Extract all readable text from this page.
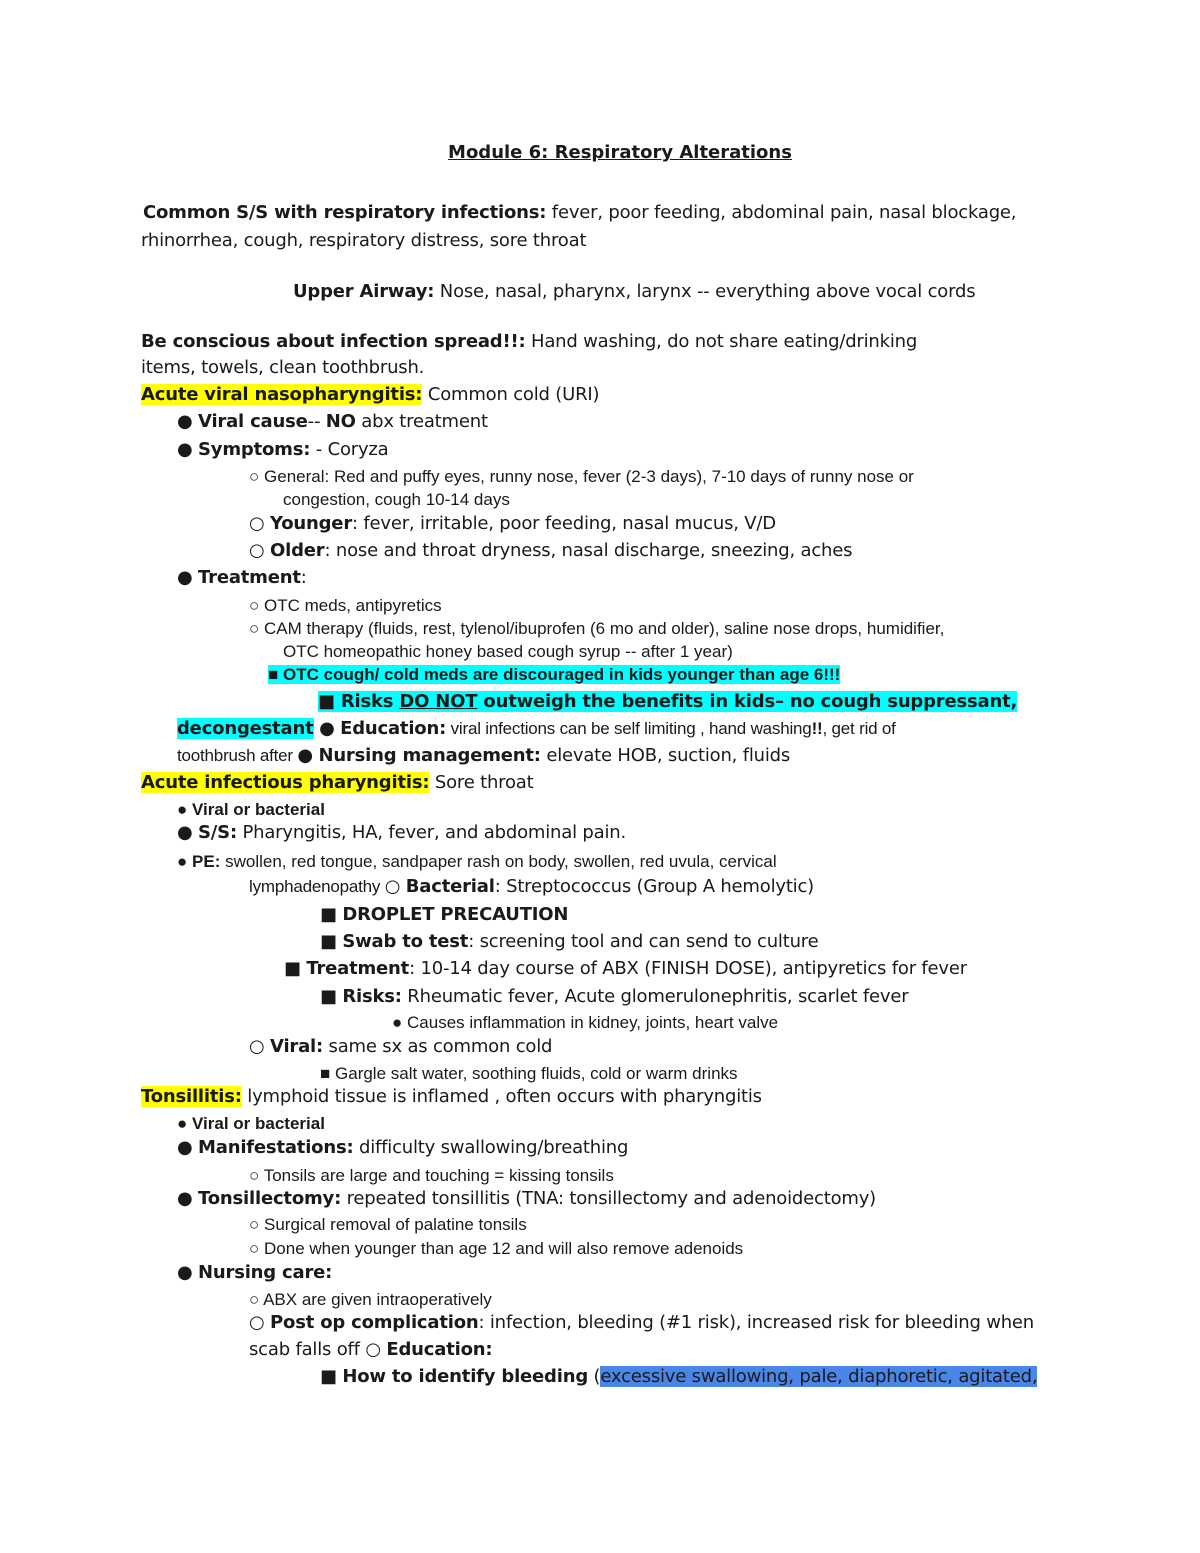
Module 6: Respiratory Alterations
Common S/S with respiratory infections: fever, poor feeding, abdominal pain, nasal blockage,
rhinorrhea, cough, respiratory distress, sore throat
Upper Airway: Nose, nasal, pharynx, larynx -- everything above vocal cords
Be conscious about infection spread!!: Hand washing, do not share eating/drinking
items, towels, clean toothbrush.
Acute viral nasopharyngitis: Common cold (URI)
● Viral cause-- NO abx treatment
● Symptoms: - Coryza
○ General: Red and puffy eyes, runny nose, fever (2-3 days), 7-10 days of runny nose or
congestion, cough 10-14 days
○ Younger: fever, irritable, poor feeding, nasal mucus, V/D
○ Older: nose and throat dryness, nasal discharge, sneezing, aches
● Treatment:
○ OTC meds, antipyretics
○ CAM therapy (fluids, rest, tylenol/ibuprofen (6 mo and older), saline nose drops, humidifier,
OTC homeopathic honey based cough syrup -- after 1 year)
■ OTC cough/ cold meds are discouraged in kids younger than age 6!!!
■ Risks DO NOT outweigh the benefits in kids– no cough suppressant,
decongestant ● Education: viral infections can be self limiting , hand washing!!, get rid of
toothbrush after ● Nursing management: elevate HOB, suction, fluids
Acute infectious pharyngitis: Sore throat
● Viral or bacterial
● S/S: Pharyngitis, HA, fever, and abdominal pain.
● PE: swollen, red tongue, sandpaper rash on body, swollen, red uvula, cervical
lymphadenopathy ○ Bacterial: Streptococcus (Group A hemolytic)
■ DROPLET PRECAUTION
■ Swab to test: screening tool and can send to culture
■ Treatment: 10-14 day course of ABX (FINISH DOSE), antipyretics for fever
■ Risks: Rheumatic fever, Acute glomerulonephritis, scarlet fever
● Causes inflammation in kidney, joints, heart valve
○ Viral: same sx as common cold
■ Gargle salt water, soothing fluids, cold or warm drinks
Tonsillitis: lymphoid tissue is inflamed , often occurs with pharyngitis
● Viral or bacterial
● Manifestations: difficulty swallowing/breathing
○ Tonsils are large and touching = kissing tonsils
● Tonsillectomy: repeated tonsillitis (TNA: tonsillectomy and adenoidectomy)
○ Surgical removal of palatine tonsils
○ Done when younger than age 12 and will also remove adenoids
● Nursing care:
○ ABX are given intraoperatively
○ Post op complication: infection, bleeding (#1 risk), increased risk for bleeding when
scab falls off ○ Education:
■ How to identify bleeding (excessive swallowing, pale, diaphoretic, agitated,
